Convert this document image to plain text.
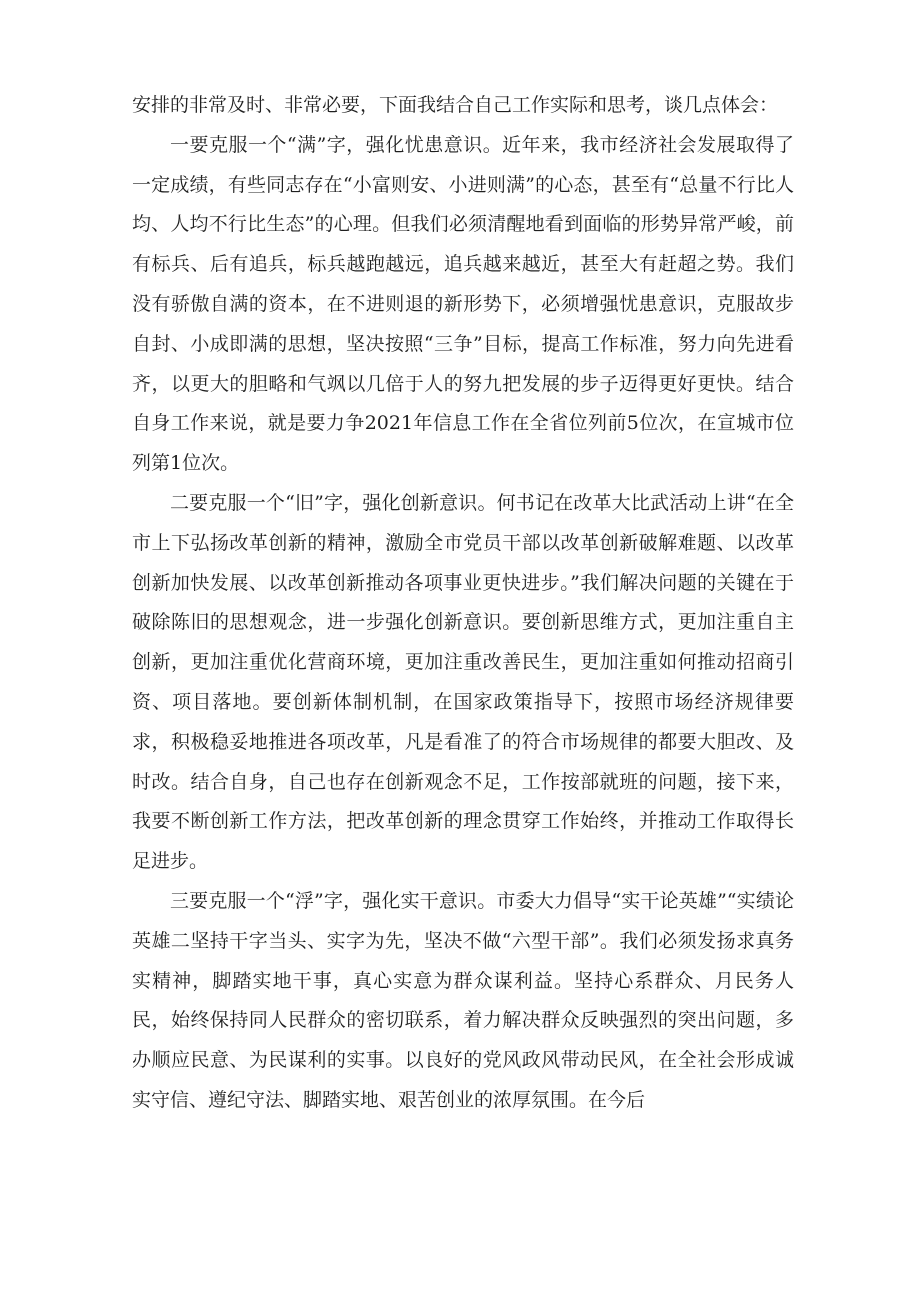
安排的非常及时、非常必要，下面我结合自己工作实际和思考，谈几点体会：

一要克服一个“满”字，强化忧患意识。近年来，我市经济社会发展取得了一定成绩，有些同志存在“小富则安、小进则满”的心态，甚至有“总量不行比人均、人均不行比生态”的心理。但我们必须清醒地看到面临的形势异常严峻，前有标兵、后有追兵，标兵越跑越远，追兵越来越近，甚至大有赶超之势。我们没有骄傲自满的资本，在不进则退的新形势下，必须增强忧患意识，克服故步自封、小成即满的思想，坚决按照“三争”目标，提高工作标准，努力向先进看齐，以更大的胆略和气飒以几倍于人的努九把发展的步子迈得更好更快。结合自身工作来说，就是要力争2021年信息工作在全省位列前5位次，在宣城市位列第1位次。

二要克服一个“旧”字，强化创新意识。何书记在改革大比武活动上讲“在全市上下弘扬改革创新的精神，激励全市党员干部以改革创新破解难题、以改革创新加快发展、以改革创新推动各项事业更快进步。”我们解决问题的关键在于破除陈旧的思想观念，进一步强化创新意识。要创新思维方式，更加注重自主创新，更加注重优化营商环境，更加注重改善民生，更加注重如何推动招商引资、项目落地。要创新体制机制，在国家政策指导下，按照市场经济规律要求，积极稳妥地推进各项改革，凡是看准了的符合市场规律的都要大胆改、及时改。结合自身，自己也存在创新观念不足，工作按部就班的问题，接下来，我要不断创新工作方法，把改革创新的理念贯穿工作始终，并推动工作取得长足进步。

三要克服一个“浮”字，强化实干意识。市委大力倡导“实干论英雄”“实绩论英雄二坚持干字当头、实字为先，坚决不做“六型干部”。我们必须发扬求真务实精神，脚踏实地干事，真心实意为群众谋利益。坚持心系群众、月民务人民，始终保持同人民群众的密切联系，着力解决群众反映强烈的突出问题，多办顺应民意、为民谋利的实事。以良好的党风政风带动民风，在全社会形成诚实守信、遵纪守法、脚踏实地、艰苦创业的浓厚氛围。在今后
